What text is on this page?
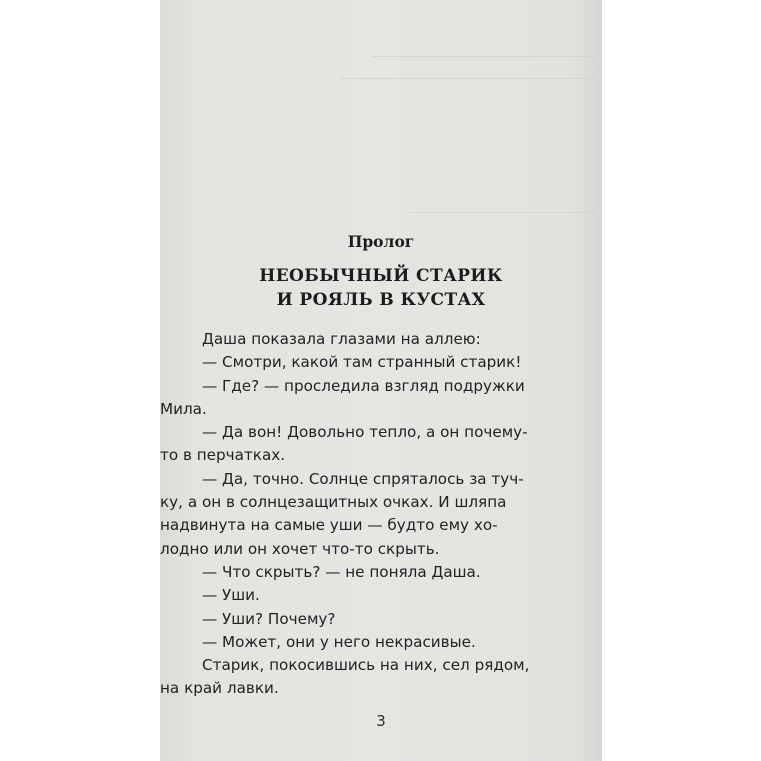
Пролог
НЕОБЫЧНЫЙ СТАРИК
И РОЯЛЬ В КУСТАХ
Даша показала глазами на аллею:
— Смотри, какой там странный старик!
— Где? — проследила взгляд подружки
Мила.
— Да вон! Довольно тепло, а он почему-
то в перчатках.
— Да, точно. Солнце спряталось за туч-
ку, а он в солнцезащитных очках. И шляпа
надвинута на самые уши — будто ему хо-
лодно или он хочет что-то скрыть.
— Что скрыть? — не поняла Даша.
— Уши.
— Уши? Почему?
— Может, они у него некрасивые.
Старик, покосившись на них, сел рядом,
на край лавки.
3
